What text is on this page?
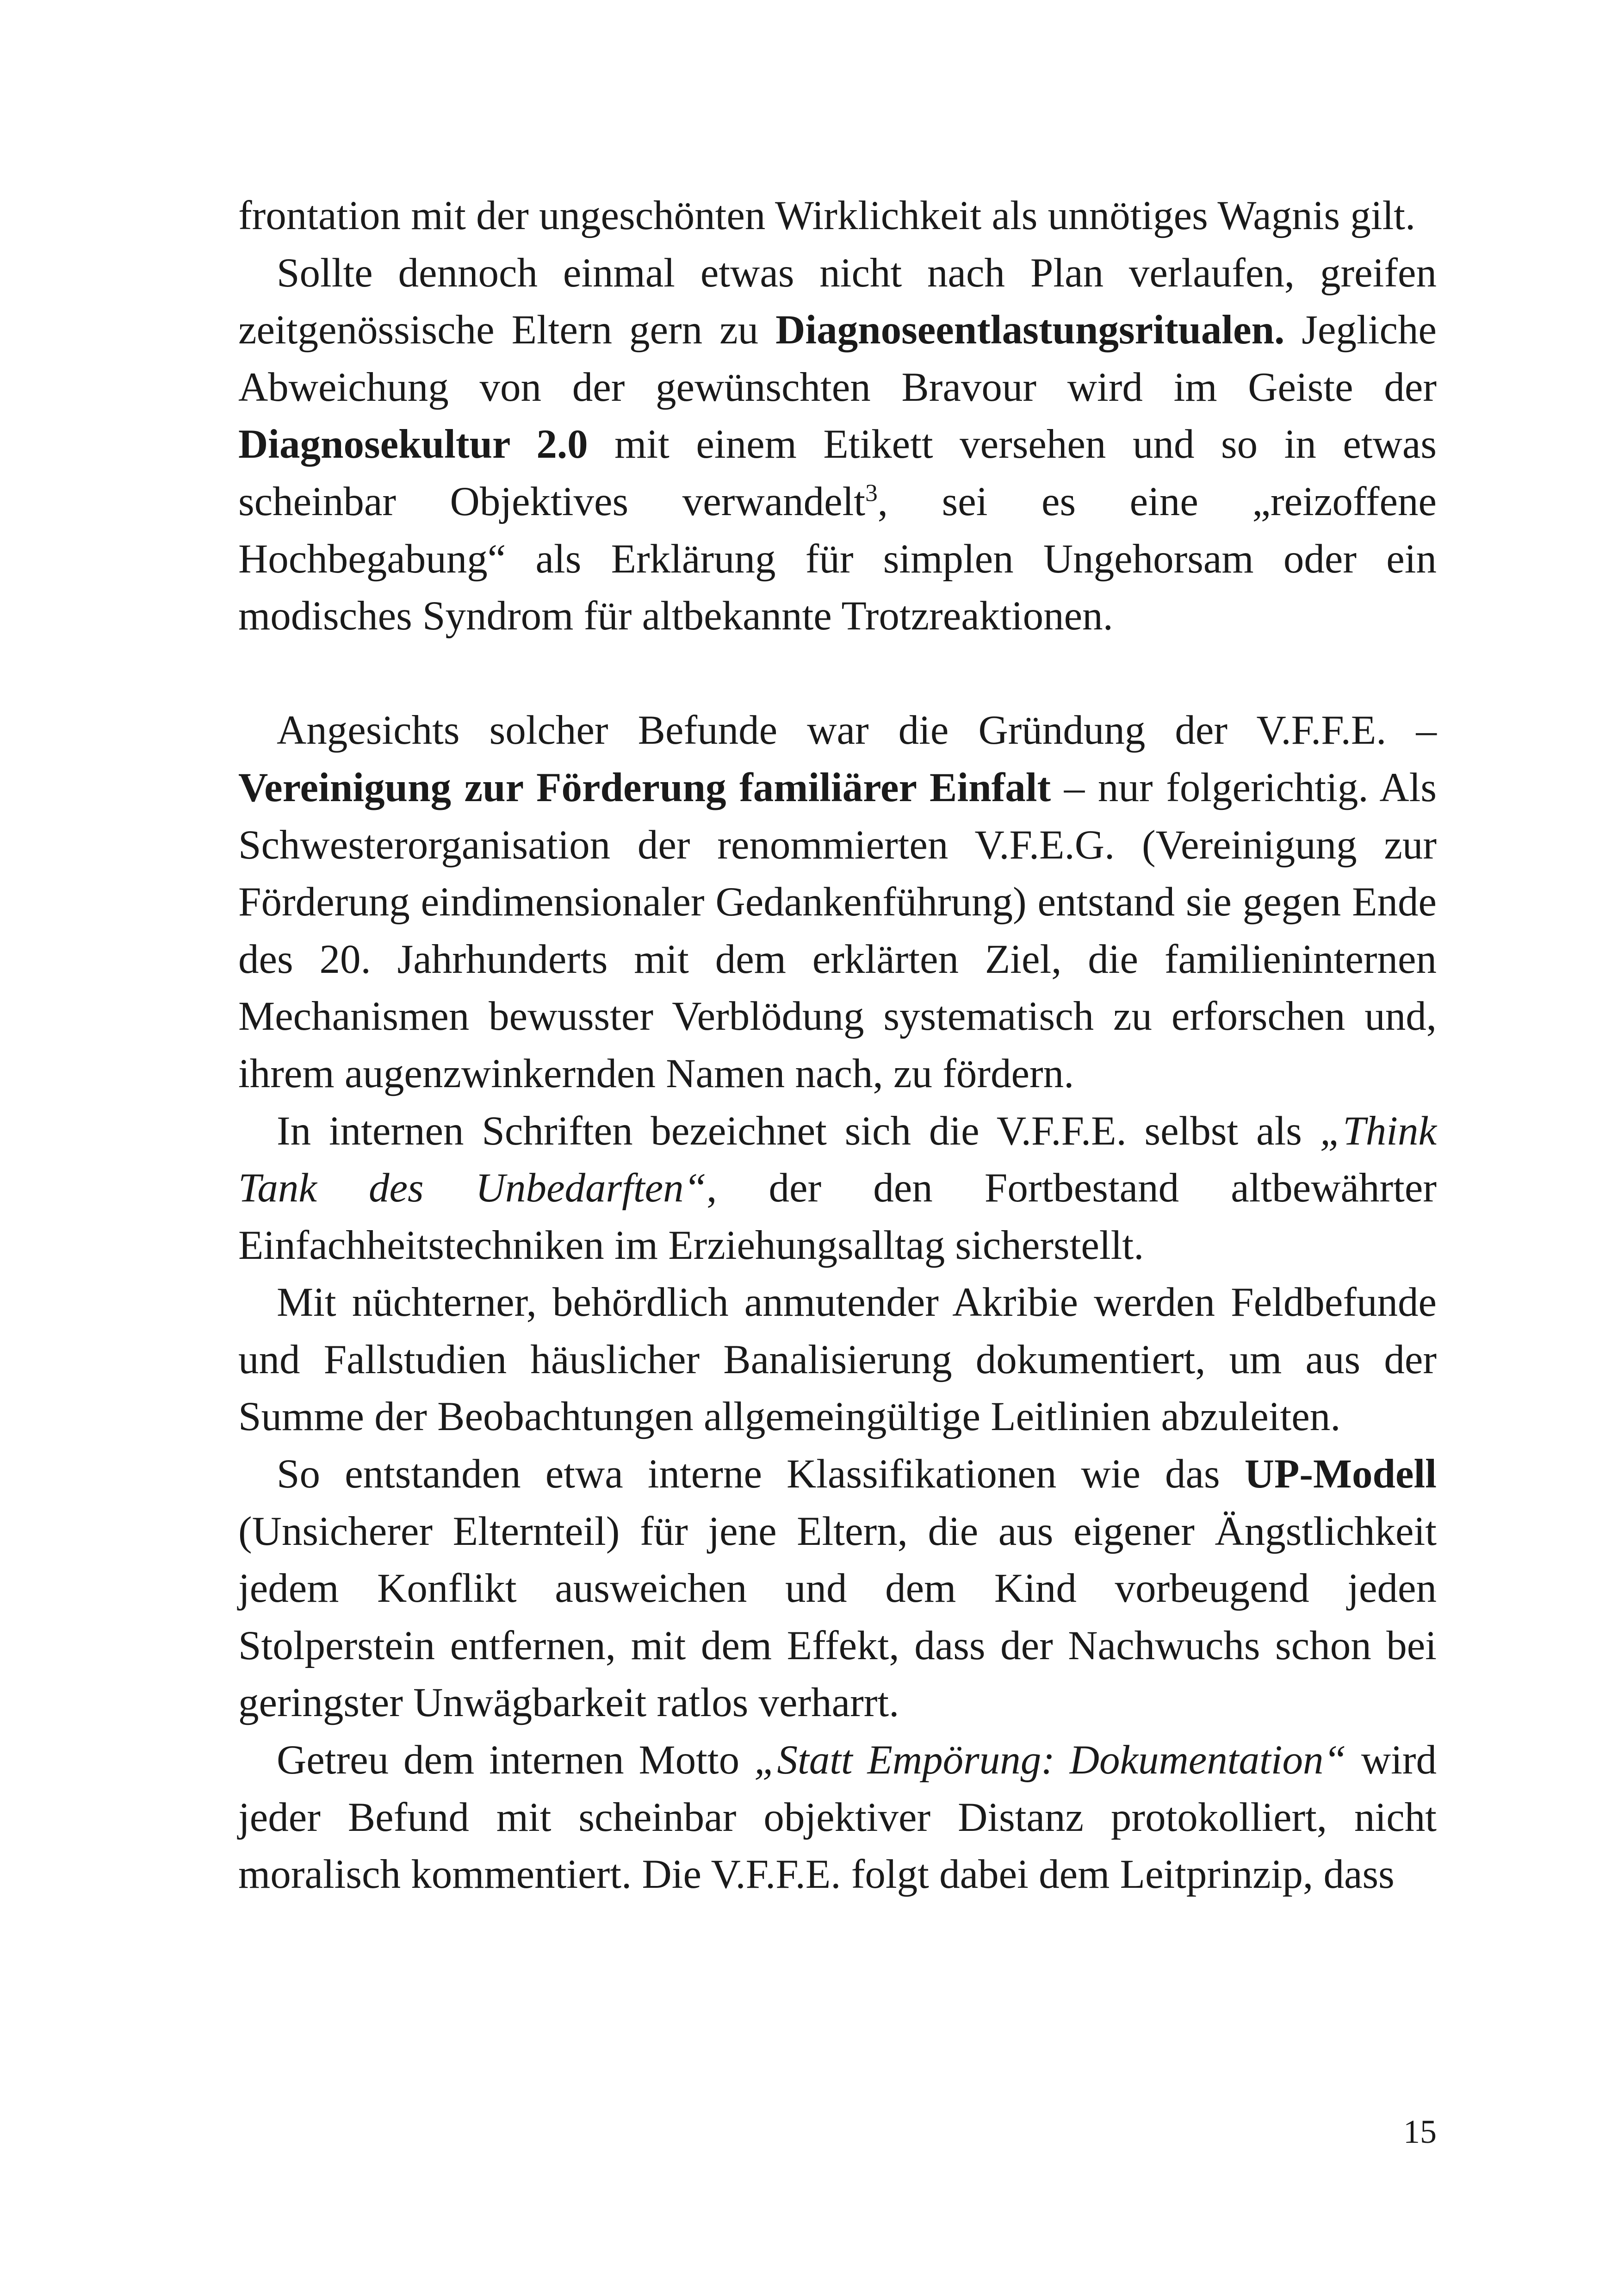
frontation mit der ungeschönten Wirklichkeit als unnötiges Wagnis gilt.

Sollte dennoch einmal etwas nicht nach Plan verlaufen, greifen zeitgenössische Eltern gern zu Diagnoseentlastungsritualen. Jegliche Abweichung von der gewünschten Bravour wird im Geiste der Diagnosekultur 2.0 mit einem Etikett versehen und so in etwas scheinbar Objektives verwandelt$^3$, sei es eine „reizoffene Hochbegabung“ als Erklärung für simplen Ungehorsam oder ein modisches Syndrom für altbekannte Trotzreaktionen.

Angesichts solcher Befunde war die Gründung der V.F.F.E. – Vereinigung zur Förderung familiärer Einfalt – nur folgerichtig. Als Schwesterorganisation der renommierten V.F.E.G. (Vereinigung zur Förderung eindimensionaler Gedankenführung) entstand sie gegen Ende des 20. Jahrhunderts mit dem erklärten Ziel, die familieninternen Mechanismen bewusster Verblödung systematisch zu erforschen und, ihrem augenzwinkernden Namen nach, zu fördern.

In internen Schriften bezeichnet sich die V.F.F.E. selbst als „Think Tank des Unbedarften“, der den Fortbestand altbewährter Einfachheitstechniken im Erziehungsalltag sicherstellt.

Mit nüchterner, behördlich anmutender Akribie werden Feldbefunde und Fallstudien häuslicher Banalisierung dokumentiert, um aus der Summe der Beobachtungen allgemeingültige Leitlinien abzuleiten.

So entstanden etwa interne Klassifikationen wie das UP-Modell (Unsicherer Elternteil) für jene Eltern, die aus eigener Ängstlichkeit jedem Konflikt ausweichen und dem Kind vorbeugend jeden Stolperstein entfernen, mit dem Effekt, dass der Nachwuchs schon bei geringster Unwägbarkeit ratlos verharrt.

Getreu dem internen Motto „Statt Empörung: Dokumentation“ wird jeder Befund mit scheinbar objektiver Distanz protokolliert, nicht moralisch kommentiert. Die V.F.F.E. folgt dabei dem Leitprinzip, dass

15
